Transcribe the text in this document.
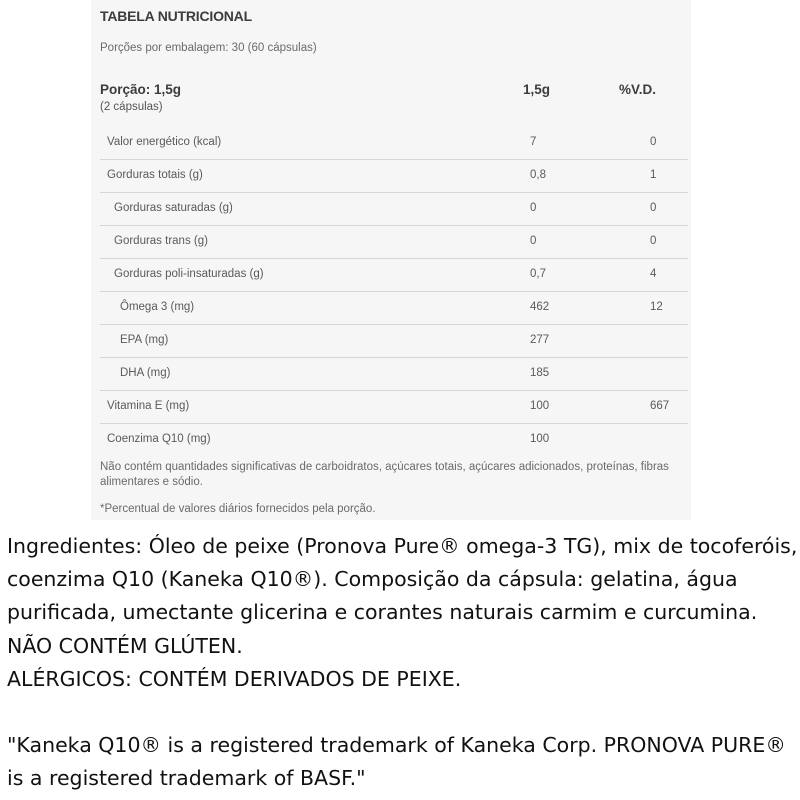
TABELA NUTRICIONAL
Porções por embalagem: 30 (60 cápsulas)
Porção: 1,5g
(2 cápsulas)
1,5g	%V.D.
Valor energético (kcal)	7	0
Gorduras totais (g)	0,8	1
Gorduras saturadas (g)	0	0
Gorduras trans (g)	0	0
Gorduras poli-insaturadas (g)	0,7	4
Ômega 3 (mg)	462	12
EPA (mg)	277
DHA (mg)	185
Vitamina E (mg)	100	667
Coenzima Q10 (mg)	100
Não contém quantidades significativas de carboidratos, açúcares totais, açúcares adicionados, proteínas, fibras alimentares e sódio.
*Percentual de valores diários fornecidos pela porção.

Ingredientes: Óleo de peixe (Pronova Pure® omega-3 TG), mix de tocoferóis, coenzima Q10 (Kaneka Q10®). Composição da cápsula: gelatina, água purificada, umectante glicerina e corantes naturais carmim e curcumina. NÃO CONTÉM GLÚTEN.

ALÉRGICOS: CONTÉM DERIVADOS DE PEIXE.

"Kaneka Q10® is a registered trademark of Kaneka Corp. PRONOVA PURE® is a registered trademark of BASF."
